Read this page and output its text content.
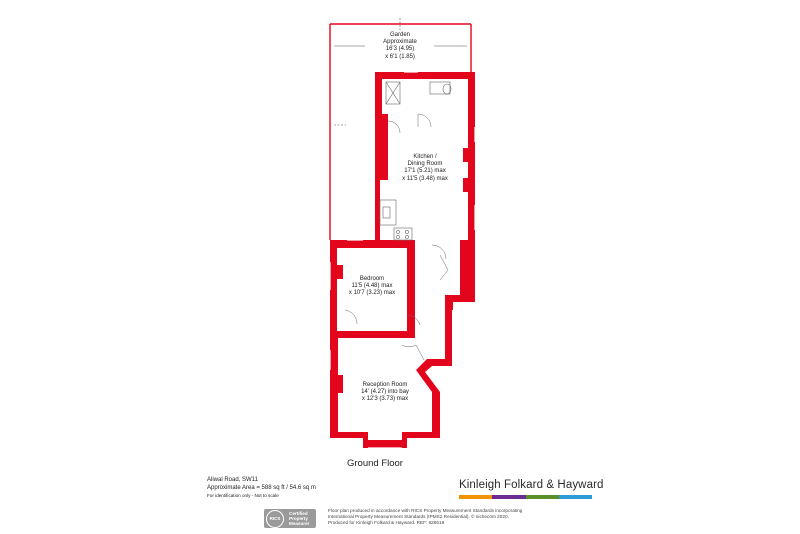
Garden
Approximate
16'3 (4.95)
x 6'1 (1.85)
Kitchen /
Dining Room
17'1 (5.21) max
x 11'5 (3.48) max
Bedroom
11'5 (4.48) max
x 10'7 (3.23) max
Reception Room
14' (4.27) into bay
x 12'3 (3.73) max
Ground Floor
Aliwal Road, SW11
Approximate Area = 588 sq ft / 54.6 sq m
For identification only - Not to scale
Kinleigh Folkard & Hayward
RICS
Certified
Property
Measurer
Floor plan produced in accordance with RICS Property Measurement Standards incorporating
International Property Measurement Standards (IPMS2 Residential). © nichecom 2020.
Produced for Kinleigh Folkard & Hayward. REF: 626619
